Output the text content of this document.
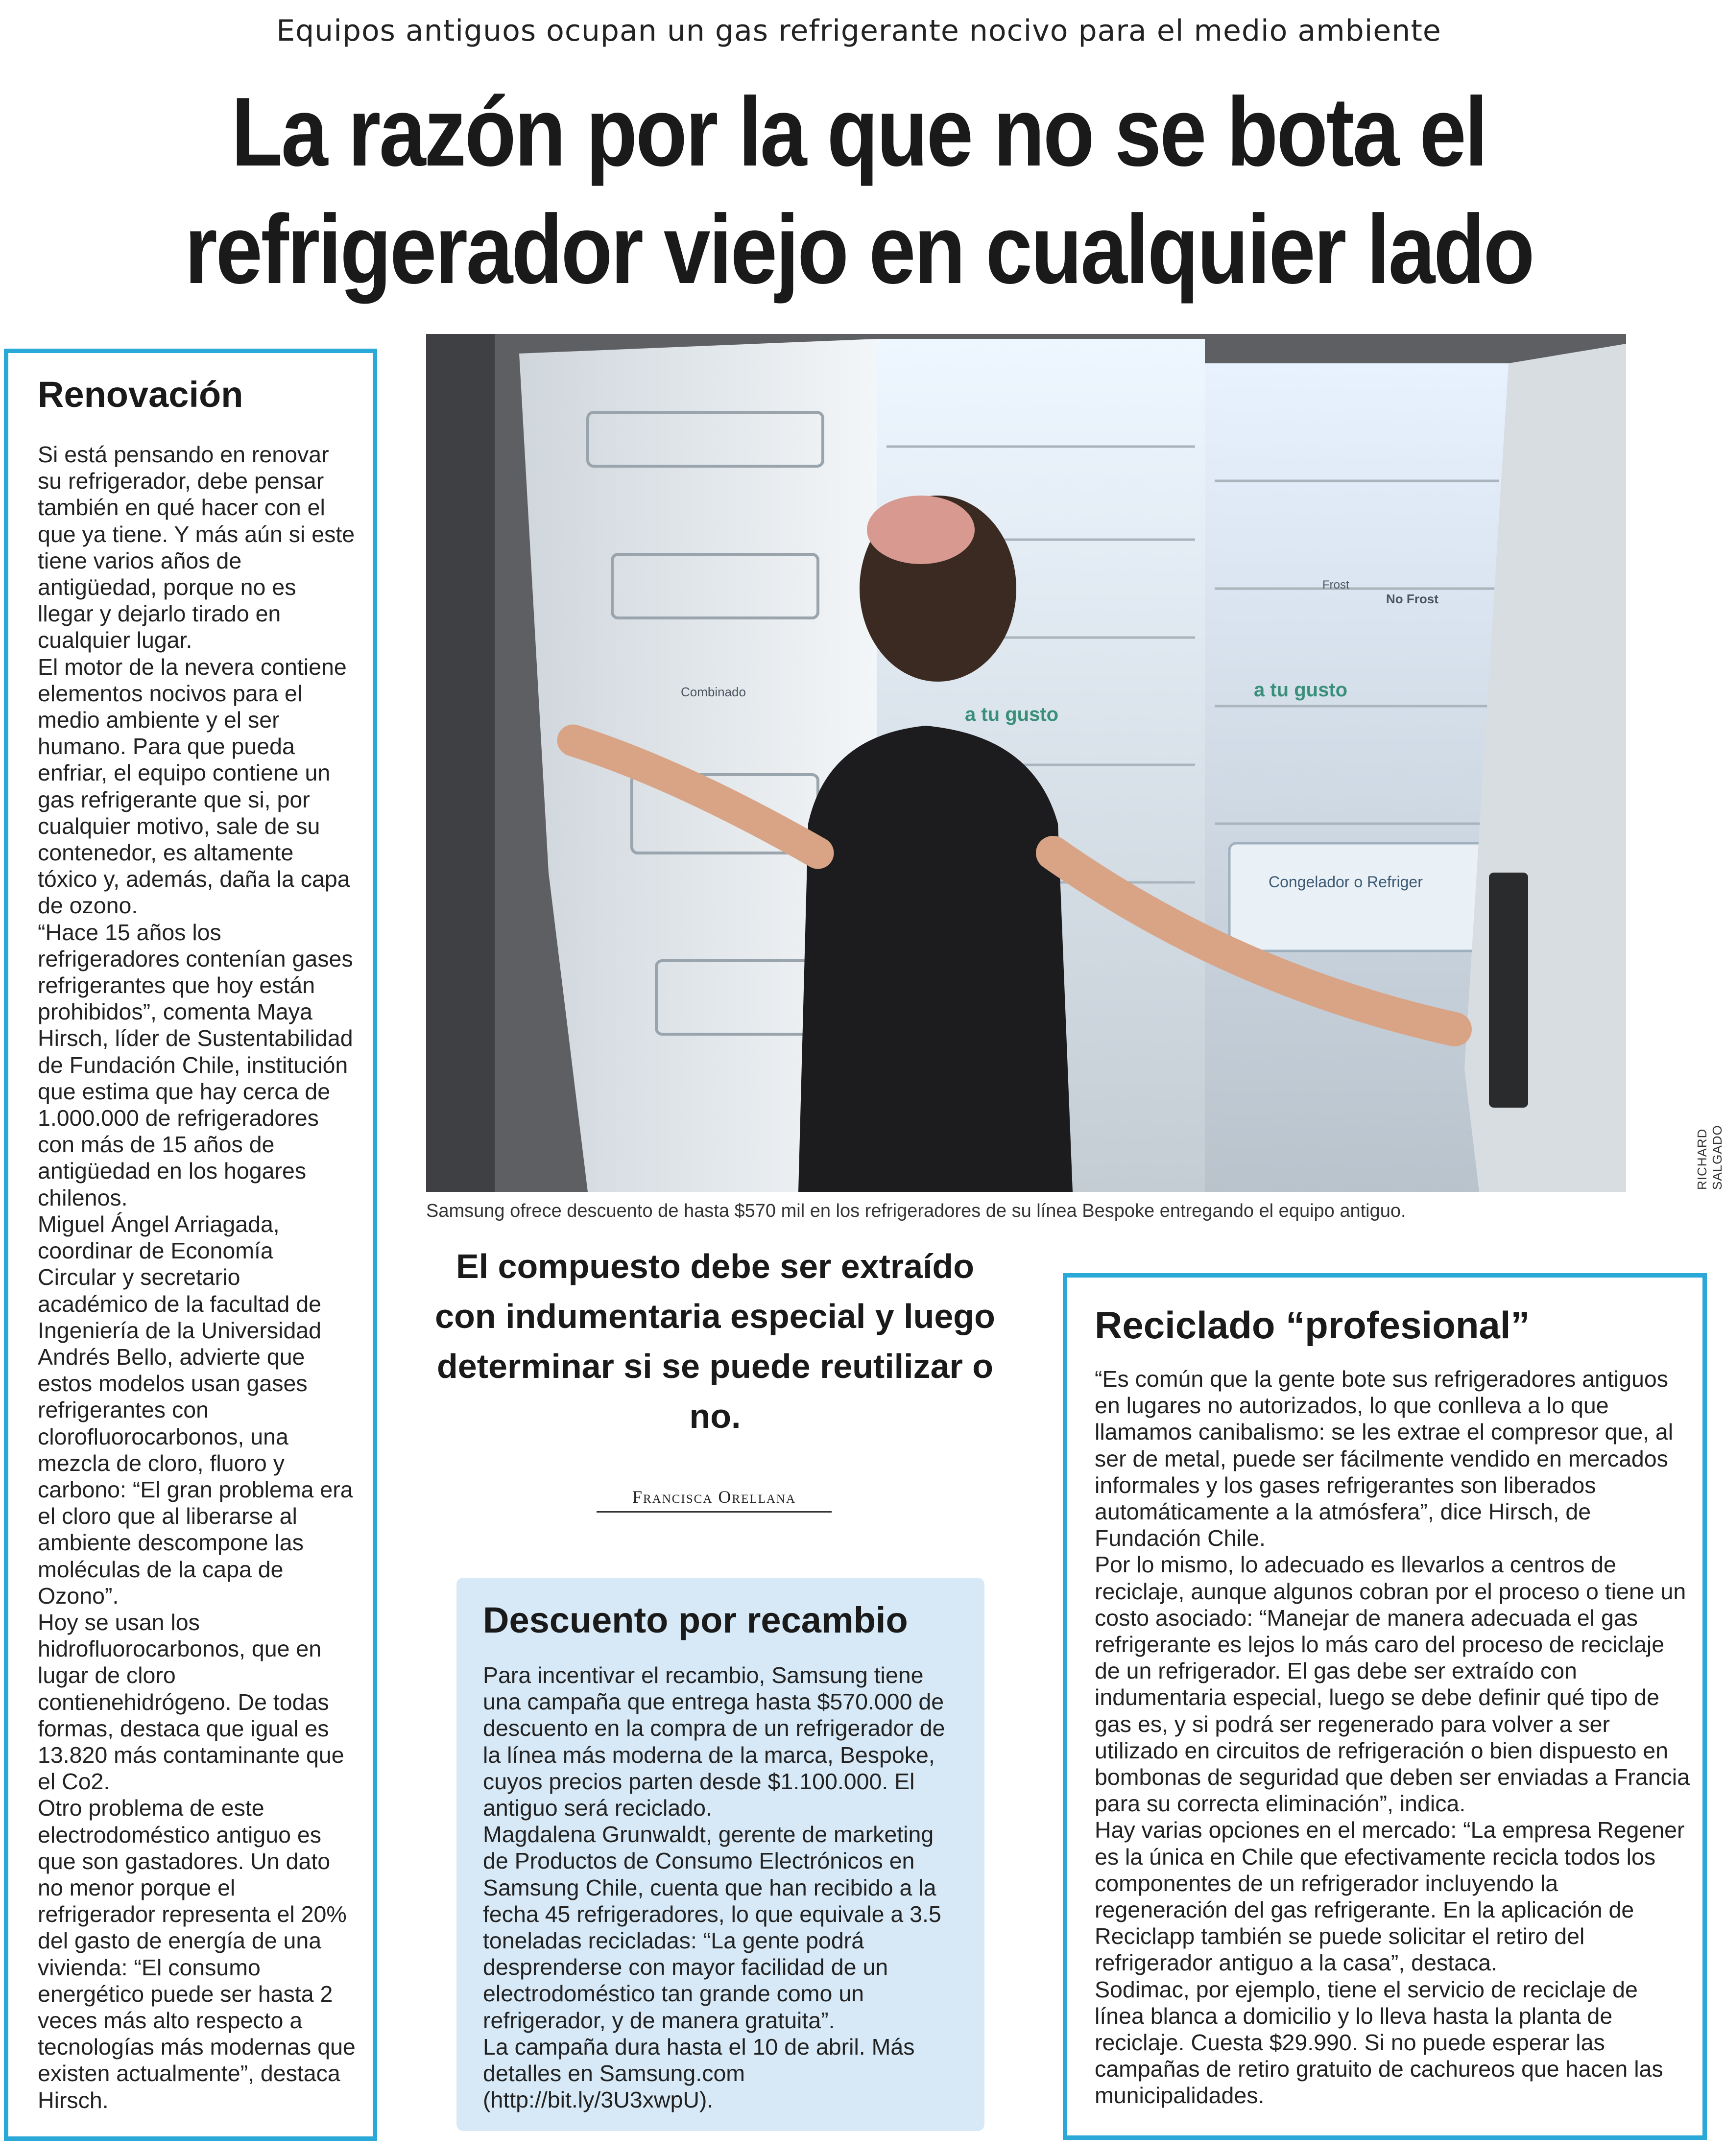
Equipos antiguos ocupan un gas refrigerante nocivo para el medio ambiente
La razón por la que no se bota el
refrigerador viejo en cualquier lado
Renovación

Si está pensando en renovar su refrigerador, debe pensar también en qué hacer con el que ya tiene. Y más aún si este tiene varios años de antigüedad, porque no es llegar y dejarlo tirado en cualquier lugar.
El motor de la nevera contiene elementos nocivos para el medio ambiente y el ser humano. Para que pueda enfriar, el equipo contiene un gas refrigerante que si, por cualquier motivo, sale de su contenedor, es altamente tóxico y, además, daña la capa de ozono.
“Hace 15 años los refrigeradores contenían gases refrigerantes que hoy están prohibidos”, comenta Maya Hirsch, líder de Sustentabilidad de Fundación Chile, institución que estima que hay cerca de 1.000.000 de refrigeradores con más de 15 años de antigüedad en los hogares chilenos.
Miguel Ángel Arriagada, coordinar de Economía Circular y secretario académico de la facultad de Ingeniería de la Universidad Andrés Bello, advierte que estos modelos usan gases refrigerantes con clorofluorocarbonos, una mezcla de cloro, fluoro y carbono: “El gran problema era el cloro que al liberarse al ambiente descompone las moléculas de la capa de Ozono”.
Hoy se usan los hidrofluorocarbonos, que en lugar de cloro contienehidrógeno. De todas formas, destaca que igual es 13.820 más contaminante que el Co2.
Otro problema de este electrodoméstico antiguo es que son gastadores. Un dato no menor porque el refrigerador representa el 20% del gasto de energía de una vivienda: “El consumo energético puede ser hasta 2 veces más alto respecto a tecnologías más modernas que existen actualmente”, destaca Hirsch.

Combinado
a tu gusto
a tu gusto
Frost
No Frost
Congelador o Refriger
RICHARD SALGADO
Samsung ofrece descuento de hasta $570 mil en los refrigeradores de su línea Bespoke entregando el equipo antiguo.
El compuesto debe ser extraído con indumentaria especial y luego determinar si se puede reutilizar o no.
Francisca Orellana
Descuento por recambio

Para incentivar el recambio, Samsung tiene una campaña que entrega hasta $570.000 de descuento en la compra de un refrigerador de la línea más moderna de la marca, Bespoke, cuyos precios parten desde $1.100.000. El antiguo será reciclado.
Magdalena Grunwaldt, gerente de marketing de Productos de Consumo Electrónicos en Samsung Chile, cuenta que han recibido a la fecha 45 refrigeradores, lo que equivale a 3.5 toneladas recicladas: “La gente podrá desprenderse con mayor facilidad de un electrodoméstico tan grande como un refrigerador, y de manera gratuita”.
La campaña dura hasta el 10 de abril. Más detalles en Samsung.com (http://bit.ly/3U3xwpU).

Reciclado “profesional”

“Es común que la gente bote sus refrigeradores antiguos en lugares no autorizados, lo que conlleva a lo que llamamos canibalismo: se les extrae el compresor que, al ser de metal, puede ser fácilmente vendido en mercados informales y los gases refrigerantes son liberados automáticamente a la atmósfera”, dice Hirsch, de Fundación Chile.
Por lo mismo, lo adecuado es llevarlos a centros de reciclaje, aunque algunos cobran por el proceso o tiene un costo asociado: “Manejar de manera adecuada el gas refrigerante es lejos lo más caro del proceso de reciclaje de un refrigerador. El gas debe ser extraído con indumentaria especial, luego se debe definir qué tipo de gas es, y si podrá ser regenerado para volver a ser utilizado en circuitos de refrigeración o bien dispuesto en bombonas de seguridad que deben ser enviadas a Francia para su correcta eliminación”, indica.
Hay varias opciones en el mercado: “La empresa Regener es la única en Chile que efectivamente recicla todos los componentes de un refrigerador incluyendo la regeneración del gas refrigerante. En la aplicación de Reciclapp también se puede solicitar el retiro del refrigerador antiguo a la casa”, destaca.
Sodimac, por ejemplo, tiene el servicio de reciclaje de línea blanca a domicilio y lo lleva hasta la planta de reciclaje. Cuesta $29.990. Si no puede esperar las campañas de retiro gratuito de cachureos que hacen las municipalidades.
